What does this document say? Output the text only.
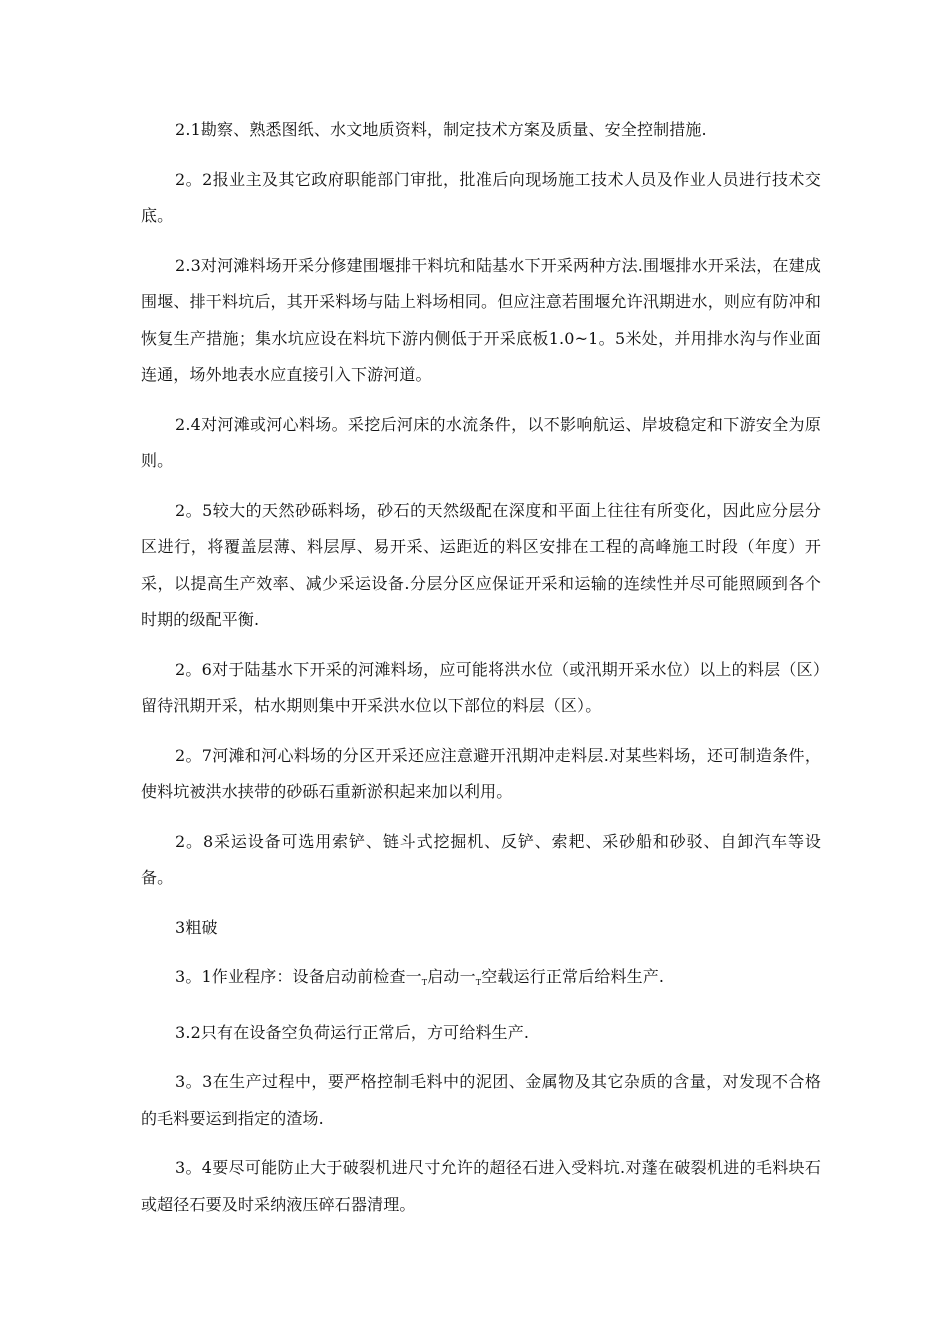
2.1勘察、熟悉图纸、水文地质资料，制定技术方案及质量、安全控制措施.

2。2报业主及其它政府职能部门审批，批准后向现场施工技术人员及作业人员进行技术交底。

2.3对河滩料场开采分修建围堰排干料坑和陆基水下开采两种方法.围堰排水开采法，在建成围堰、排干料坑后，其开采料场与陆上料场相同。但应注意若围堰允许汛期进水，则应有防冲和恢复生产措施；集水坑应设在料坑下游内侧低于开采底板1.0~1。5米处，并用排水沟与作业面连通，场外地表水应直接引入下游河道。

2.4对河滩或河心料场。采挖后河床的水流条件，以不影响航运、岸坡稳定和下游安全为原则。

2。5较大的天然砂砾料场，砂石的天然级配在深度和平面上往往有所变化，因此应分层分区进行，将覆盖层薄、料层厚、易开采、运距近的料区安排在工程的高峰施工时段（年度）开采，以提高生产效率、减少采运设备.分层分区应保证开采和运输的连续性并尽可能照顾到各个时期的级配平衡.

2。6对于陆基水下开采的河滩料场，应可能将洪水位（或汛期开采水位）以上的料层（区）留待汛期开采，枯水期则集中开采洪水位以下部位的料层（区）。

2。7河滩和河心料场的分区开采还应注意避开汛期冲走料层.对某些料场，还可制造条件，使料坑被洪水挟带的砂砾石重新淤积起来加以利用。

2。8采运设备可选用索铲、链斗式挖掘机、反铲、索耙、采砂船和砂驳、自卸汽车等设备。

3粗破

3。1作业程序：设备启动前检查一$_T$启动一$_T$空载运行正常后给料生产.

3.2只有在设备空负荷运行正常后，方可给料生产.

3。3在生产过程中，要严格控制毛料中的泥团、金属物及其它杂质的含量，对发现不合格的毛料要运到指定的渣场.

3。4要尽可能防止大于破裂机进尺寸允许的超径石进入受料坑.对蓬在破裂机进的毛料块石或超径石要及时采纳液压碎石器清理。
